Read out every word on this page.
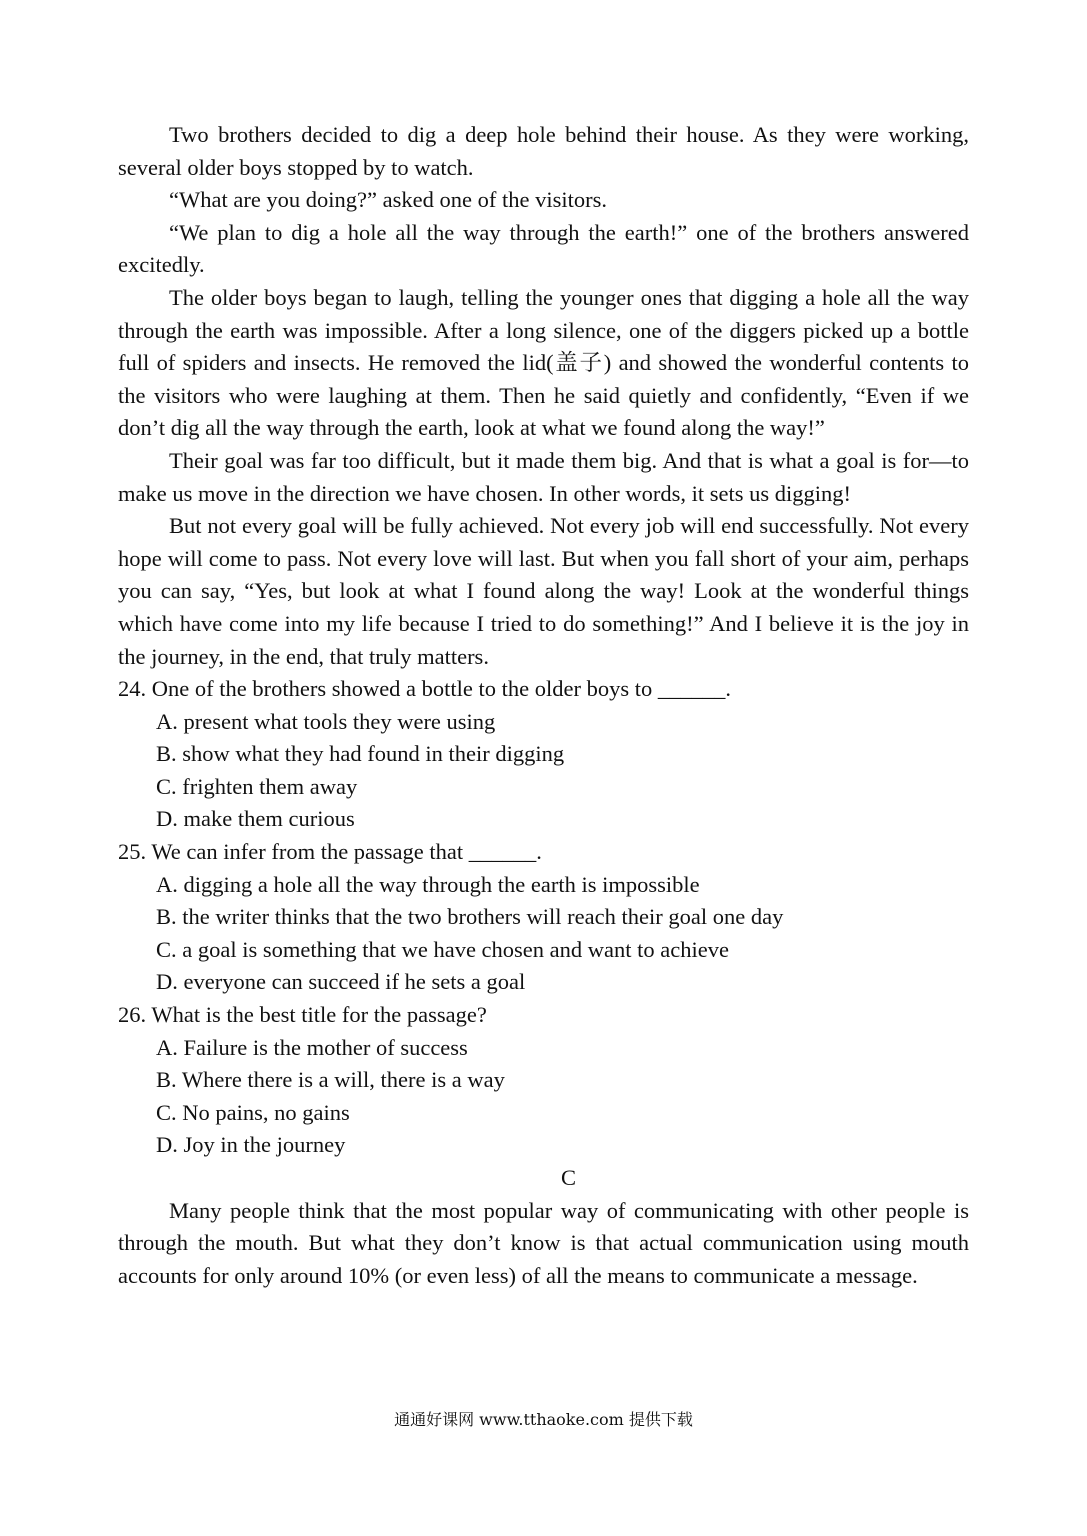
Two brothers decided to dig a deep hole behind their house. As they were working, several older boys stopped by to watch.

“What are you doing?” asked one of the visitors.

“We plan to dig a hole all the way through the earth!” one of the brothers answered excitedly.

The older boys began to laugh, telling the younger ones that digging a hole all the way through the earth was impossible. After a long silence, one of the diggers picked up a bottle full of spiders and insects. He removed the lid(盖子) and showed the wonderful contents to the visitors who were laughing at them. Then he said quietly and confidently, “Even if we don’t dig all the way through the earth, look at what we found along the way!”

Their goal was far too difficult, but it made them big. And that is what a goal is for—to make us move in the direction we have chosen. In other words, it sets us digging!

But not every goal will be fully achieved. Not every job will end successfully. Not every hope will come to pass. Not every love will last. But when you fall short of your aim, perhaps you can say, “Yes, but look at what I found along the way! Look at the wonderful things which have come into my life because I tried to do something!” And I believe it is the joy in the journey, in the end, that truly matters.

24. One of the brothers showed a bottle to the older boys to ______.

A. present what tools they were using

B. show what they had found in their digging

C. frighten them away

D. make them curious

25. We can infer from the passage that ______.

A. digging a hole all the way through the earth is impossible

B. the writer thinks that the two brothers will reach their goal one day

C. a goal is something that we have chosen and want to achieve

D. everyone can succeed if he sets a goal

26. What is the best title for the passage?

A. Failure is the mother of success

B. Where there is a will, there is a way

C. No pains, no gains

D. Joy in the journey

C

Many people think that the most popular way of communicating with other people is through the mouth. But what they don’t know is that actual communication using mouth accounts for only around 10% (or even less) of all the means to communicate a message.

通通好课网 www.tthaoke.com 提供下载
